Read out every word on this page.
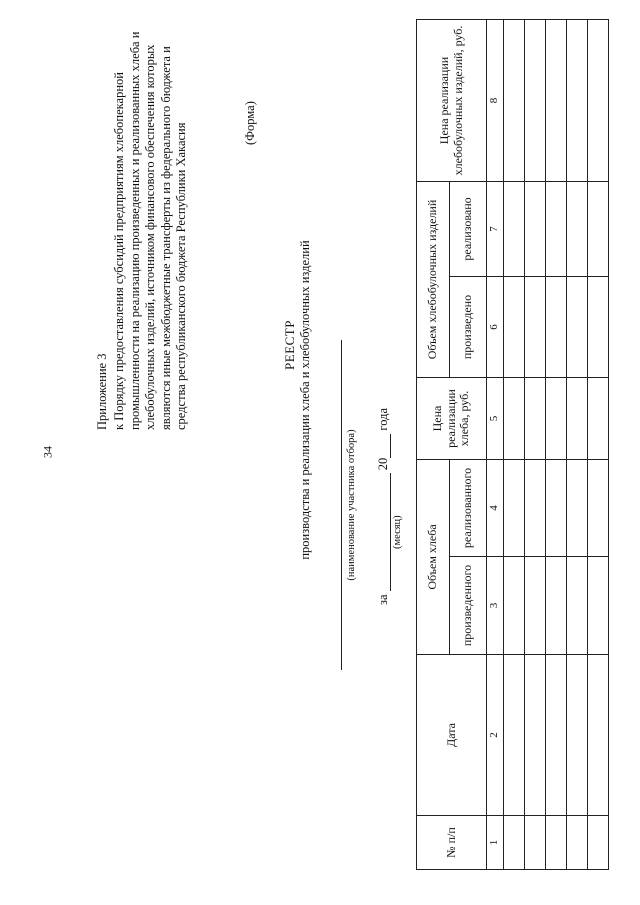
34
Приложение 3 к Порядку предоставления субсидий предприятиям хлебопекарной промышленности на реализацию произведенных и реализованных хлеба и хлебобулочных изделий, источником финансового обеспечения которых являются иные межбюджетные трансферты из федерального бюджета и средства республиканского бюджета Республики Хакасия	(Форма)
РЕЕСТР производства и реализации хлеба и хлебобулочных изделий	(наименование участника отбора)
за  20 года
(месяц)
№ п/п	Дата	Объем хлеба		Цена реализации хлеба, руб.	Объем хлебобулочных изделий		Цена реализации хлебобулочных изделий, руб.
		произведенного	реализованного		произведено	реализовано	
1	2	3	4	5	6	7	8
